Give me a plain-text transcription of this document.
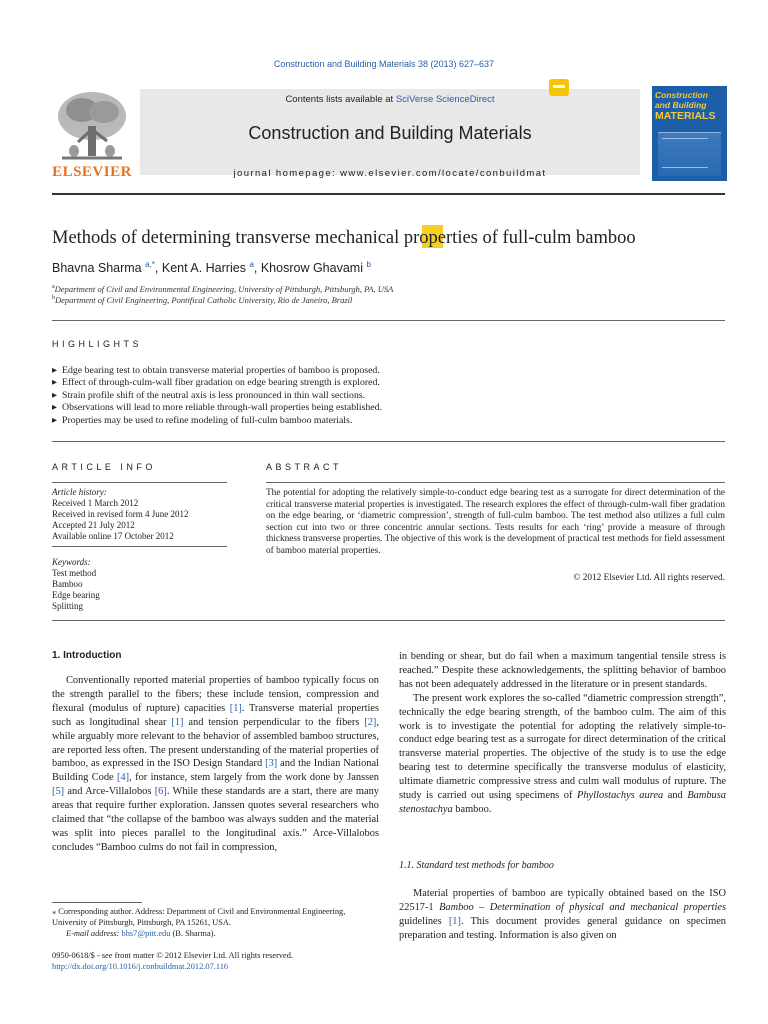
Construction and Building Materials 38 (2013) 627–637
ELSEVIER
Contents lists available at SciVerse ScienceDirect
Construction and Building Materials
journal homepage: www.elsevier.com/locate/conbuildmat
Construction
and Building
MATERIALS
Methods of determining transverse mechanical properties of full-culm bamboo
Bhavna Sharma $^{a,*}$, Kent A. Harries $^a$, Khosrow Ghavami $^b$
$^a$Department of Civil and Environmental Engineering, University of Pittsburgh, Pittsburgh, PA, USA
$^b$Department of Civil Engineering, Pontifical Catholic University, Rio de Janeiro, Brazil
HIGHLIGHTS
▶ Edge bearing test to obtain transverse material properties of bamboo is proposed.
▶ Effect of through-culm-wall fiber gradation on edge bearing strength is explored.
▶ Strain profile shift of the neutral axis is less pronounced in thin wall sections.
▶ Observations will lead to more reliable through-wall properties being established.
▶ Properties may be used to refine modeling of full-culm bamboo materials.
ARTICLE INFO	ABSTRACT
Article history:
Received 1 March 2012
Received in revised form 4 June 2012
Accepted 21 July 2012
Available online 17 October 2012
Keywords:
Test method
Bamboo
Edge bearing
Splitting
The potential for adopting the relatively simple-to-conduct edge bearing test as a surrogate for direct determination of the critical transverse material properties is investigated. The research explores the effect of through-culm-wall fiber gradation on the edge bearing, or ‘diametric compression’, strength of full-culm bamboo. The test method also utilizes a full culm section cut into two or three concentric annular sections. Tests results for each ‘ring’ provide a measure of through thickness transverse properties. The objective of this work is the development of practical test methods for field assessment of bamboo material properties.
© 2012 Elsevier Ltd. All rights reserved.
1. Introduction

Conventionally reported material properties of bamboo typically focus on the strength parallel to the fibers; these include tension, compression and flexural (modulus of rupture) capacities [1]. Transverse material properties such as longitudinal shear [1] and tension perpendicular to the fibers [2], while arguably more relevant to the behavior of assembled bamboo structures, are reported less often. The present understanding of the material properties of bamboo, as expressed in the ISO Design Standard [3] and the Indian National Building Code [4], for instance, stem largely from the work done by Janssen [5] and Arce-Villalobos [6]. While these standards are a start, there are many areas that require further exploration. Janssen quotes several researchers who claimed that “the collapse of the bamboo was always sudden and the material was split into pieces parallel to the longitudinal axis.” Arce-Villalobos concludes “Bamboo culms do not fail in compression,

in bending or shear, but do fail when a maximum tangential tensile stress is reached.” Despite these acknowledgements, the splitting behavior of bamboo has not been adequately addressed in the literature or in present standards.

The present work explores the so-called “diametric compression strength”, technically the edge bearing strength, of the bamboo culm. The aim of this work is to investigate the potential for adopting the relatively simple-to-conduct edge bearing test as a surrogate for direct determination of the critical transverse material properties. The objective of the study is to use the edge bearing test to determine specifically the transverse modulus of elasticity, ultimate diametric compressive stress and culm wall modulus of rupture. The study is carried out using specimens of Phyllostachys aurea and Bambusa stenostachya bamboo.

1.1. Standard test methods for bamboo

Material properties of bamboo are typically obtained based on the ISO 22517-1 Bamboo – Determination of physical and mechanical properties guidelines [1]. This document provides general guidance on specimen preparation and testing. Information is also given on

⁎ Corresponding author. Address: Department of Civil and Environmental Engineering, University of Pittsburgh, Pittsburgh, PA 15261, USA.
E-mail address: bhs7@pitt.edu (B. Sharma).
0950-0618/$ - see front matter © 2012 Elsevier Ltd. All rights reserved.
http://dx.doi.org/10.1016/j.conbuildmat.2012.07.116
